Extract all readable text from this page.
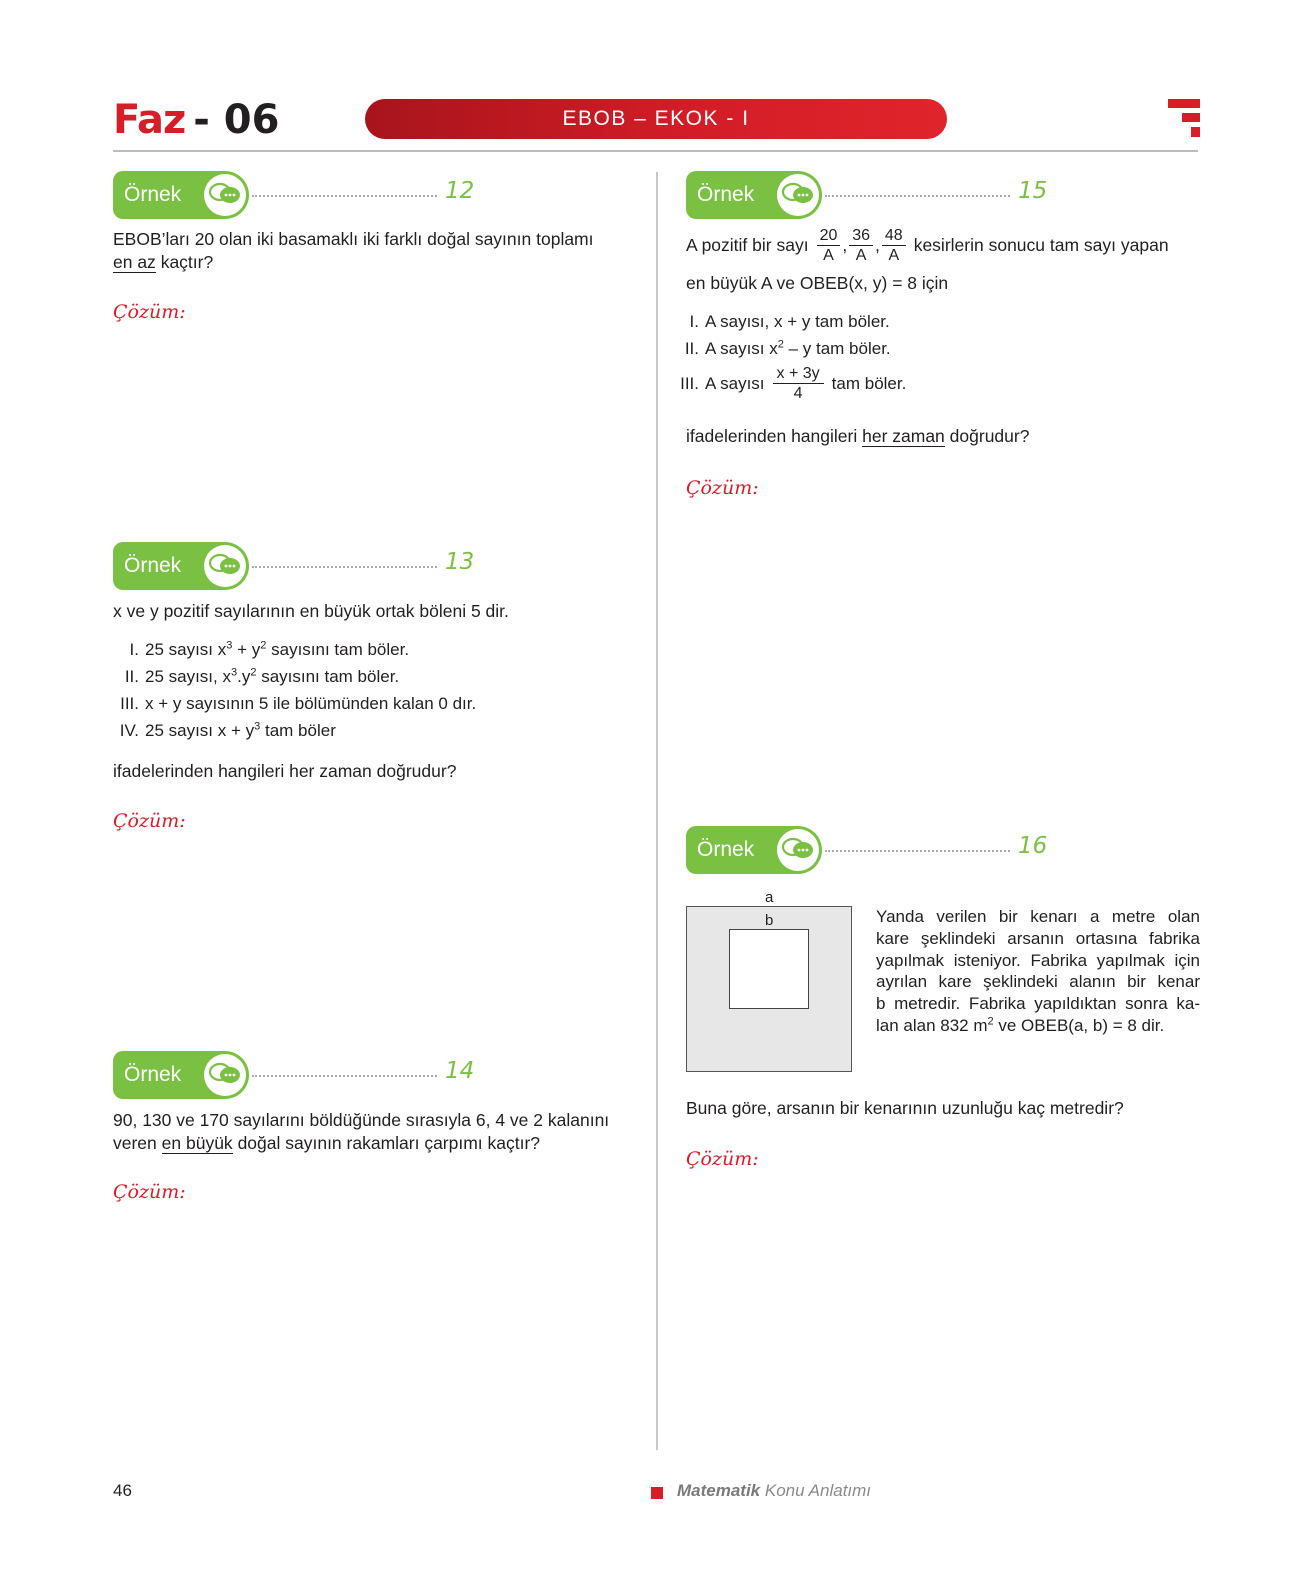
Faz - 06	EBOB – EKOK - I
Örnek	12
EBOB’ları 20 olan iki basamaklı iki farklı doğal sayının toplamı
en az kaçtır?
Çözüm:
Örnek	13
x ve y pozitif sayılarının en büyük ortak böleni 5 dir.
I. 25 sayısı $x^3 + y^2$ sayısını tam böler.
II. 25 sayısı, $x^3.y^2$ sayısını tam böler.
III. x + y sayısının 5 ile bölümünden kalan 0 dır.
IV. 25 sayısı $x + y^3$ tam böler
ifadelerinden hangileri her zaman doğrudur?
Çözüm:
Örnek	14
90, 130 ve 170 sayılarını böldüğünde sırasıyla 6, 4 ve 2 kalanını
veren en büyük doğal sayının rakamları çarpımı kaçtır?
Çözüm:
Örnek	15
A pozitif bir sayı $\frac{20}{A}$ , $\frac{36}{A}$ , $\frac{48}{A}$ kesirlerin sonucu tam sayı yapan
en büyük A ve OBEB(x, y) = 8 için
I. A sayısı, x + y tam böler.
II. A sayısı $x^2$ – y tam böler.
III. A sayısı $\frac{x + 3y}{4}$ tam böler.
ifadelerinden hangileri her zaman doğrudur?
Çözüm:
Örnek	16
a
b	Yanda verilen bir kenarı a metre olan
kare şeklindeki arsanın ortasına fabrika
yapılmak isteniyor. Fabrika yapılmak için
ayrılan kare şeklindeki alanın bir kenar
b metredir. Fabrika yapıldıktan sonra ka-
lan alan 832 $m^2$ ve OBEB(a, b) = 8 dir.
Buna göre, arsanın bir kenarının uzunluğu kaç metredir?
Çözüm:
46	Matematik Konu Anlatımı
